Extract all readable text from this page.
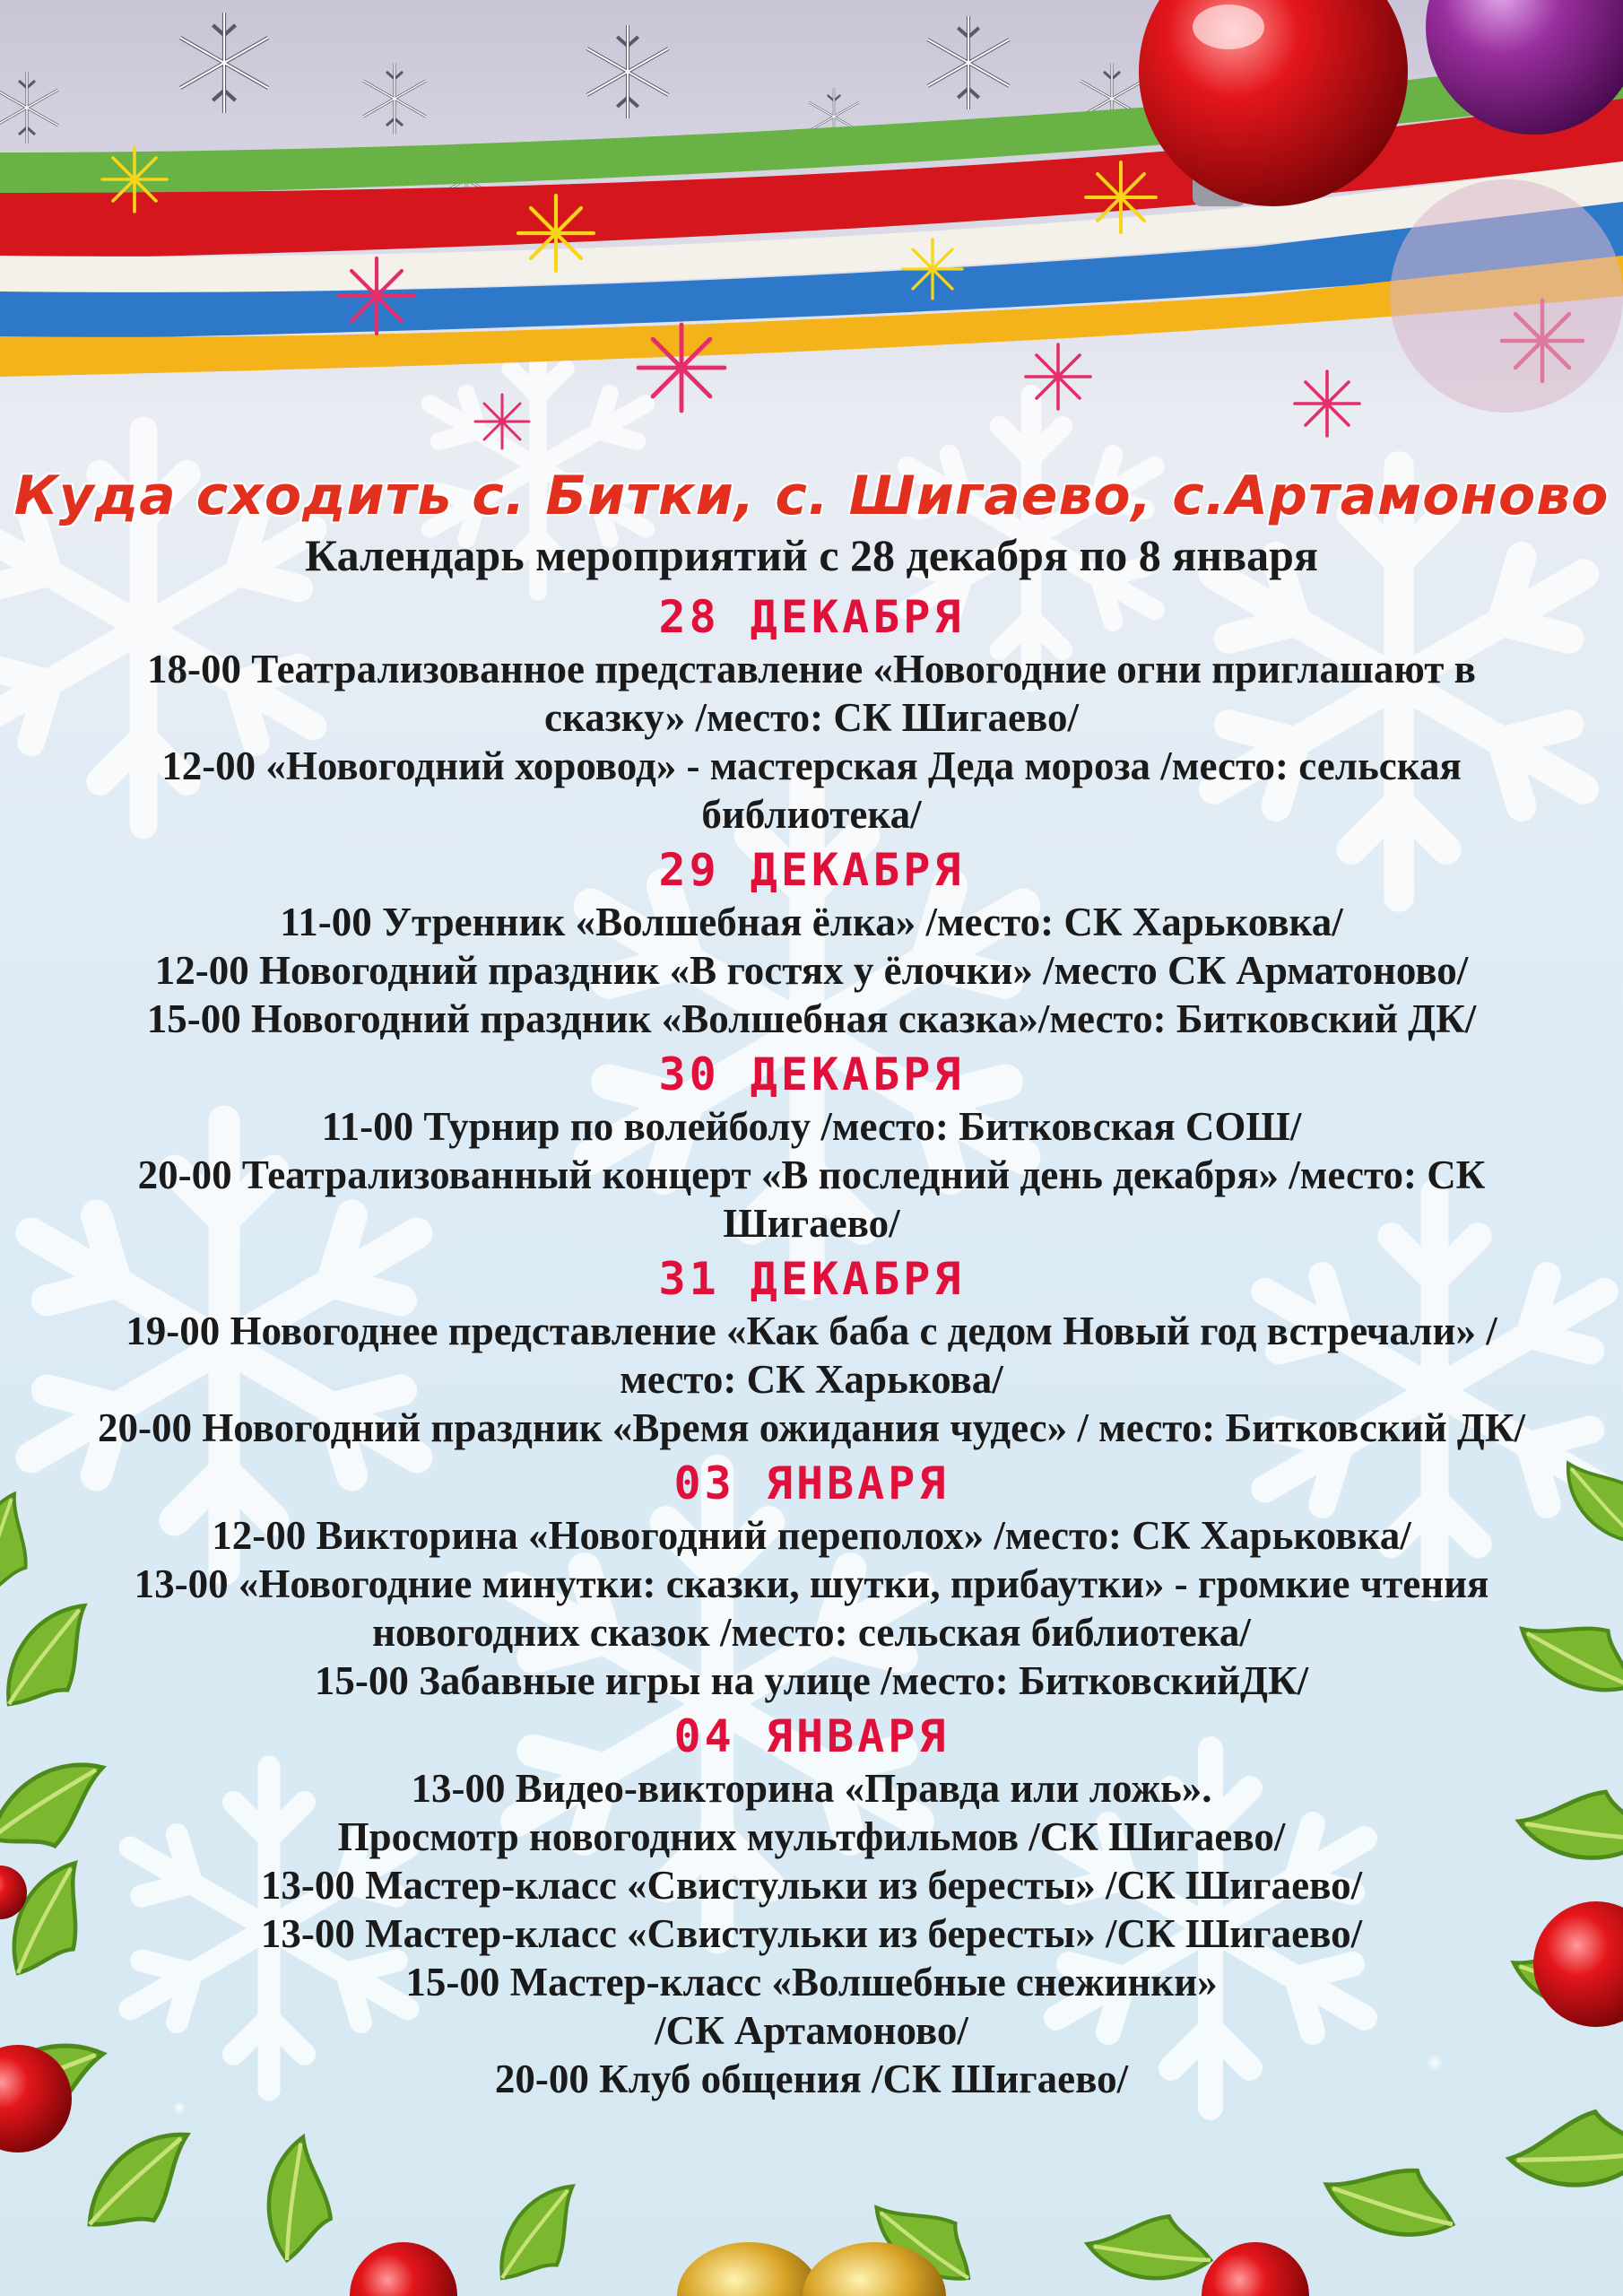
Куда сходить с. Битки, с. Шигаево, с.Артамоново
Календарь мероприятий с 28 декабря по 8 января
28 ДЕКАБРЯ
18-00 Театрализованное представление «Новогодние огни приглашают в сказку» /место: СК Шигаево/
12-00 «Новогодний хоровод» - мастерская Деда мороза /место: сельская библиотека/
29 ДЕКАБРЯ
11-00 Утренник «Волшебная ёлка» /место: СК Харьковка/
12-00 Новогодний праздник «В гостях у ёлочки» /место СК Арматоново/
15-00 Новогодний праздник «Волшебная сказка»/место: Битковский ДК/
30 ДЕКАБРЯ
11-00 Турнир по волейболу /место: Битковская СОШ/
20-00 Театрализованный концерт «В последний день декабря» /место: СК Шигаево/
31 ДЕКАБРЯ
19-00 Новогоднее представление «Как баба с дедом Новый год встречали» /место: СК Харькова/
20-00 Новогодний праздник «Время ожидания чудес» / место: Битковский ДК/
03 ЯНВАРЯ
12-00 Викторина «Новогодний переполох» /место: СК Харьковка/
13-00 «Новогодние минутки: сказки, шутки, прибаутки» - громкие чтения новогодних сказок /место: сельская библиотека/
15-00 Забавные игры на улице /место: БитковскийДК/
04 ЯНВАРЯ
13-00 Видео-викторина «Правда или ложь».
Просмотр новогодних мультфильмов /СК Шигаево/
13-00 Мастер-класс «Свистульки из бересты» /СК Шигаево/
13-00 Мастер-класс «Свистульки из бересты» /СК Шигаево/
15-00 Мастер-класс «Волшебные снежинки»
/СК Артамоново/
20-00 Клуб общения /СК Шигаево/
